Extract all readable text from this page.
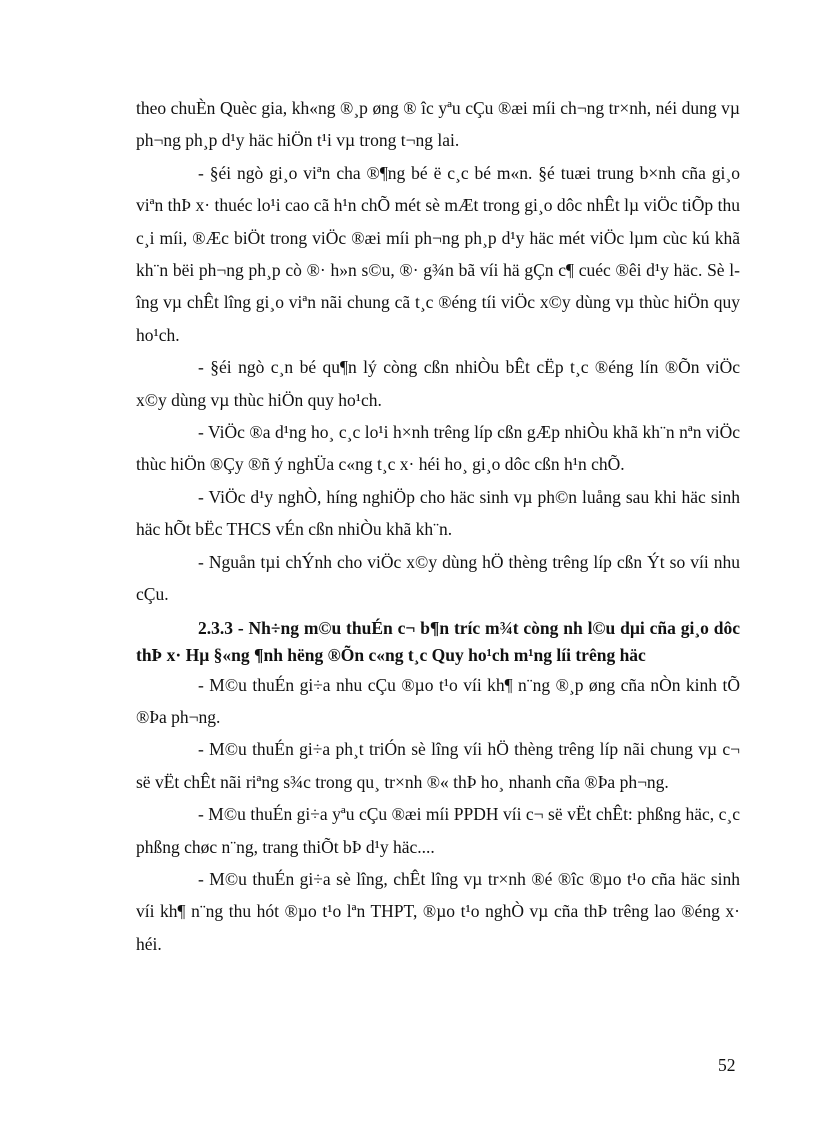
theo chuÈn Quèc gia, kh«ng ®¸p øng ® îc yªu cÇu ®æi míi ch¬ng tr×nh, néi dung vµ ph¬ng ph¸p d¹y häc hiÖn t¹i vµ trong t¬ng lai.

- §éi ngò gi¸o viªn cha ®¶ng bé ë c¸c bé m«n. §é tuæi trung b×nh cña gi¸o viªn thÞ x· thuéc lo¹i cao cã h¹n chÕ mét sè mÆt trong gi¸o dôc nhÊt lµ viÖc tiÕp thu c¸i míi, ®Æc biÖt trong viÖc ®æi míi ph¬ng ph¸p d¹y häc mét viÖc lµm cùc kú khã kh¨n bëi ph¬ng ph¸p cò ®· h»n s©u, ®· g¾n bã víi hä gÇn c¶ cuéc ®êi d¹y häc. Sè lîng vµ chÊt lîng gi¸o viªn nãi chung cã t¸c ®éng tíi viÖc x©y dùng vµ thùc hiÖn quy ho¹ch.

- §éi ngò c¸n bé qu¶n lý còng cßn nhiÒu bÊt cËp t¸c ®éng lín ®Õn viÖc x©y dùng vµ thùc hiÖn quy ho¹ch.

- ViÖc ®a d¹ng ho¸ c¸c lo¹i h×nh trêng líp cßn gÆp nhiÒu khã kh¨n nªn viÖc thùc hiÖn ®Çy ®ñ ý nghÜa c«ng t¸c x· héi ho¸ gi¸o dôc cßn h¹n chÕ.

- ViÖc d¹y nghÒ, híng nghiÖp cho häc sinh vµ ph©n luång sau khi häc sinh häc hÕt bËc THCS vÉn cßn nhiÒu khã kh¨n.

- Nguån tµi chÝnh cho viÖc x©y dùng hÖ thèng trêng líp cßn Ýt so víi nhu cÇu.

2.3.3 - Nh÷ng m©u thuÉn c¬ b¶n tríc m¾t còng nh l©u dµi cña gi¸o dôc thÞ x· Hµ §«ng ¶nh hëng ®Õn c«ng t¸c Quy ho¹ch m¹ng líi trêng häc

- M©u thuÉn gi÷a nhu cÇu ®µo t¹o víi kh¶ n¨ng ®¸p øng cña nÒn kinh tÕ ®Þa ph¬ng.

- M©u thuÉn gi÷a ph¸t triÓn sè lîng víi hÖ thèng trêng líp nãi chung vµ c¬ së vËt chÊt nãi riªng s¾c trong qu¸ tr×nh ®« thÞ ho¸ nhanh cña ®Þa ph¬ng.

- M©u thuÉn gi÷a yªu cÇu ®æi míi PPDH víi c¬ së vËt chÊt: phßng häc, c¸c phßng chøc n¨ng, trang thiÕt bÞ d¹y häc....

- M©u thuÉn gi÷a sè lîng, chÊt lîng vµ tr×nh ®é ®îc ®µo t¹o cña häc sinh víi kh¶ n¨ng thu hót ®µo t¹o lªn THPT, ®µo t¹o nghÒ vµ cña thÞ trêng lao ®éng x· héi.

52
